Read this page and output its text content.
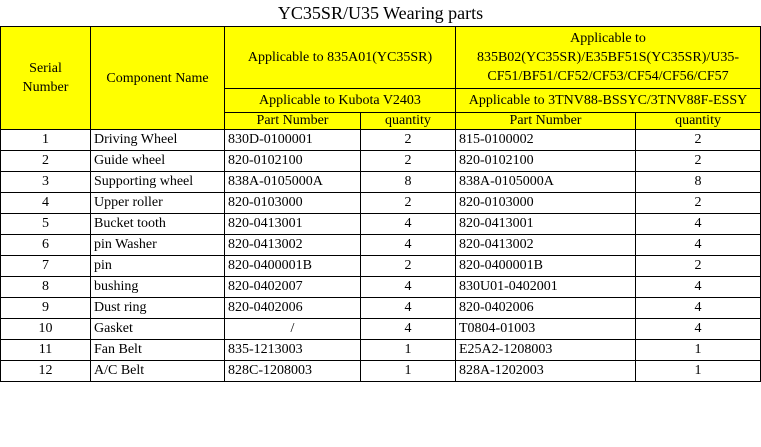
YC35SR/U35 Wearing parts					
Serial Number	Component Name	Applicable to 835A01(YC35SR)		Applicable to 835B02(YC35SR)/E35BF51S(YC35SR)/U35-CF51/BF51/CF52/CF53/CF54/CF56/CF57	
		Applicable to Kubota V2403		Applicable to 3TNV88-BSSYC/3TNV88F-ESSY	
		Part Number	quantity	Part Number	quantity
1	Driving Wheel	830D-0100001	2	815-0100002	2
2	Guide wheel	820-0102100	2	820-0102100	2
3	Supporting wheel	838A-0105000A	8	838A-0105000A	8
4	Upper roller	820-0103000	2	820-0103000	2
5	Bucket tooth	820-0413001	4	820-0413001	4
6	pin Washer	820-0413002	4	820-0413002	4
7	pin	820-0400001B	2	820-0400001B	2
8	bushing	820-0402007	4	830U01-0402001	4
9	Dust ring	820-0402006	4	820-0402006	4
10	Gasket	/	4	T0804-01003	4
11	Fan Belt	835-1213003	1	E25A2-1208003	1
12	A/C Belt	828C-1208003	1	828A-1202003	1
